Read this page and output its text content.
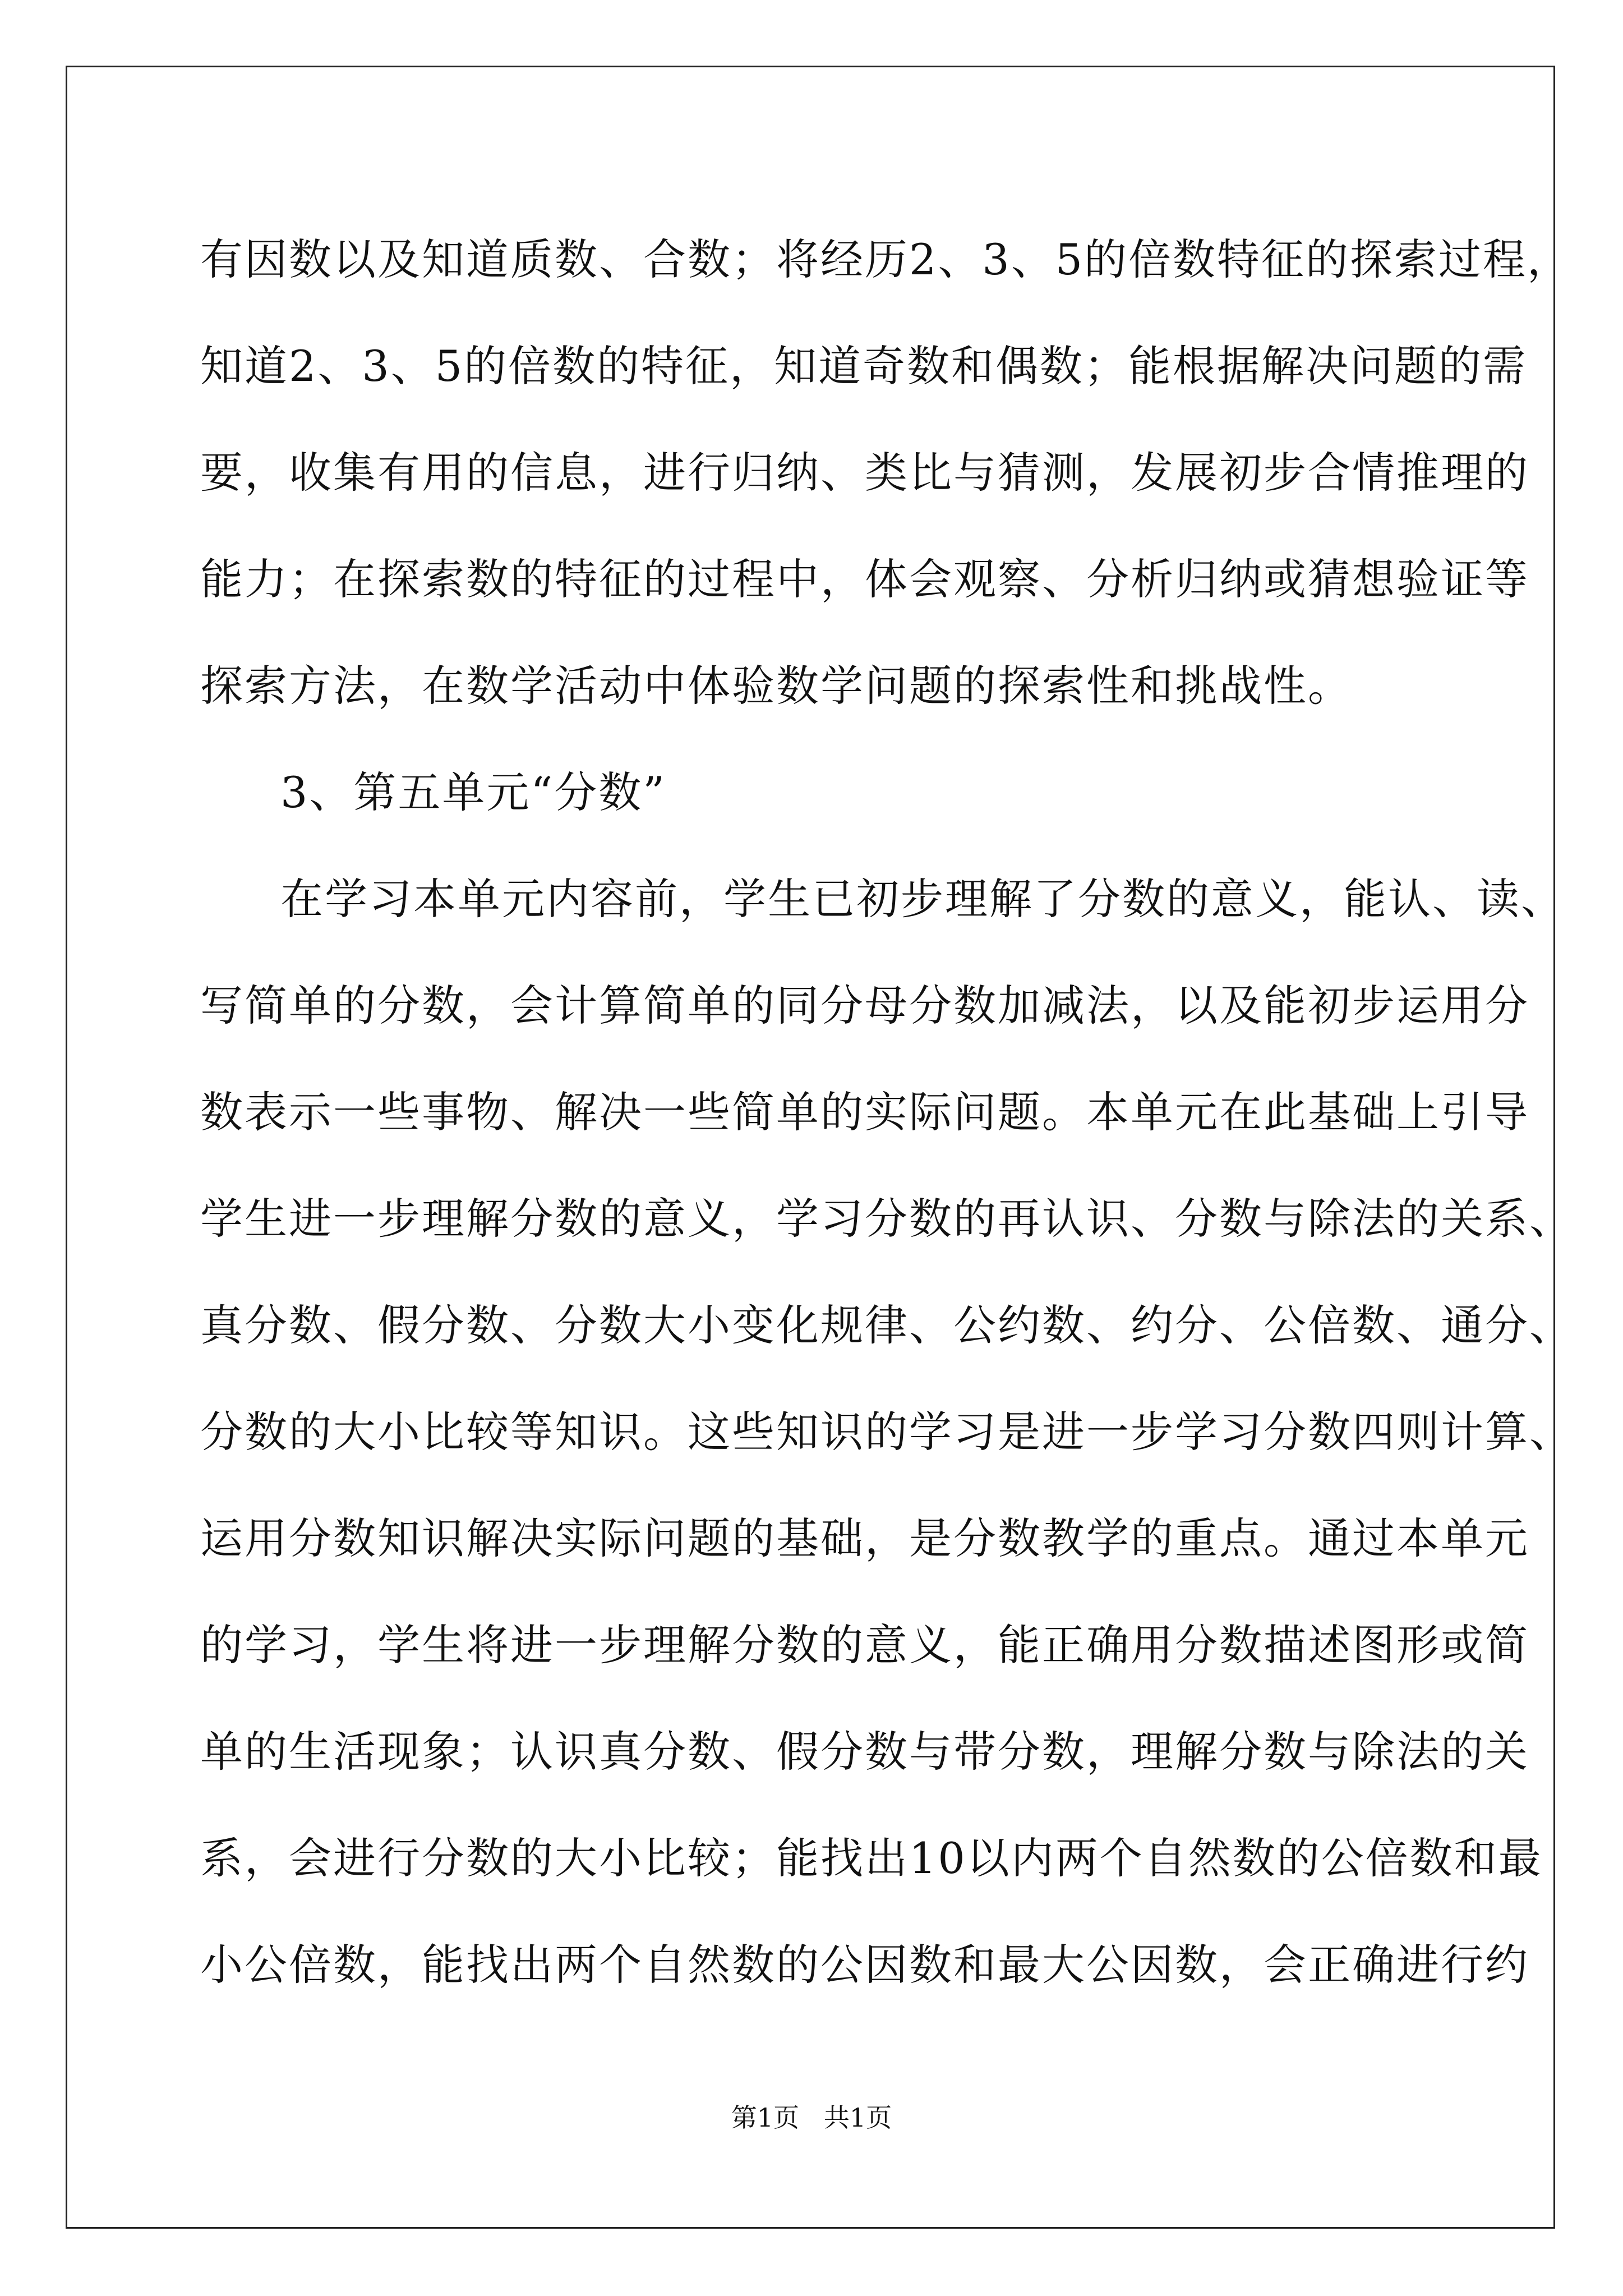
有因数以及知道质数、合数；将经历2、3、5的倍数特征的探索过程，
知道2、3、5的倍数的特征，知道奇数和偶数；能根据解决问题的需
要，收集有用的信息，进行归纳、类比与猜测，发展初步合情推理的
能力；在探索数的特征的过程中，体会观察、分析归纳或猜想验证等
探索方法，在数学活动中体验数学问题的探索性和挑战性。
3、第五单元“分数”
在学习本单元内容前，学生已初步理解了分数的意义，能认、读、
写简单的分数，会计算简单的同分母分数加减法，以及能初步运用分
数表示一些事物、解决一些简单的实际问题。本单元在此基础上引导
学生进一步理解分数的意义，学习分数的再认识、分数与除法的关系、
真分数、假分数、分数大小变化规律、公约数、约分、公倍数、通分、
分数的大小比较等知识。这些知识的学习是进一步学习分数四则计算、
运用分数知识解决实际问题的基础，是分数教学的重点。通过本单元
的学习，学生将进一步理解分数的意义，能正确用分数描述图形或简
单的生活现象；认识真分数、假分数与带分数，理解分数与除法的关
系，会进行分数的大小比较；能找出10以内两个自然数的公倍数和最
小公倍数，能找出两个自然数的公因数和最大公因数，会正确进行约
第1页   共1页
